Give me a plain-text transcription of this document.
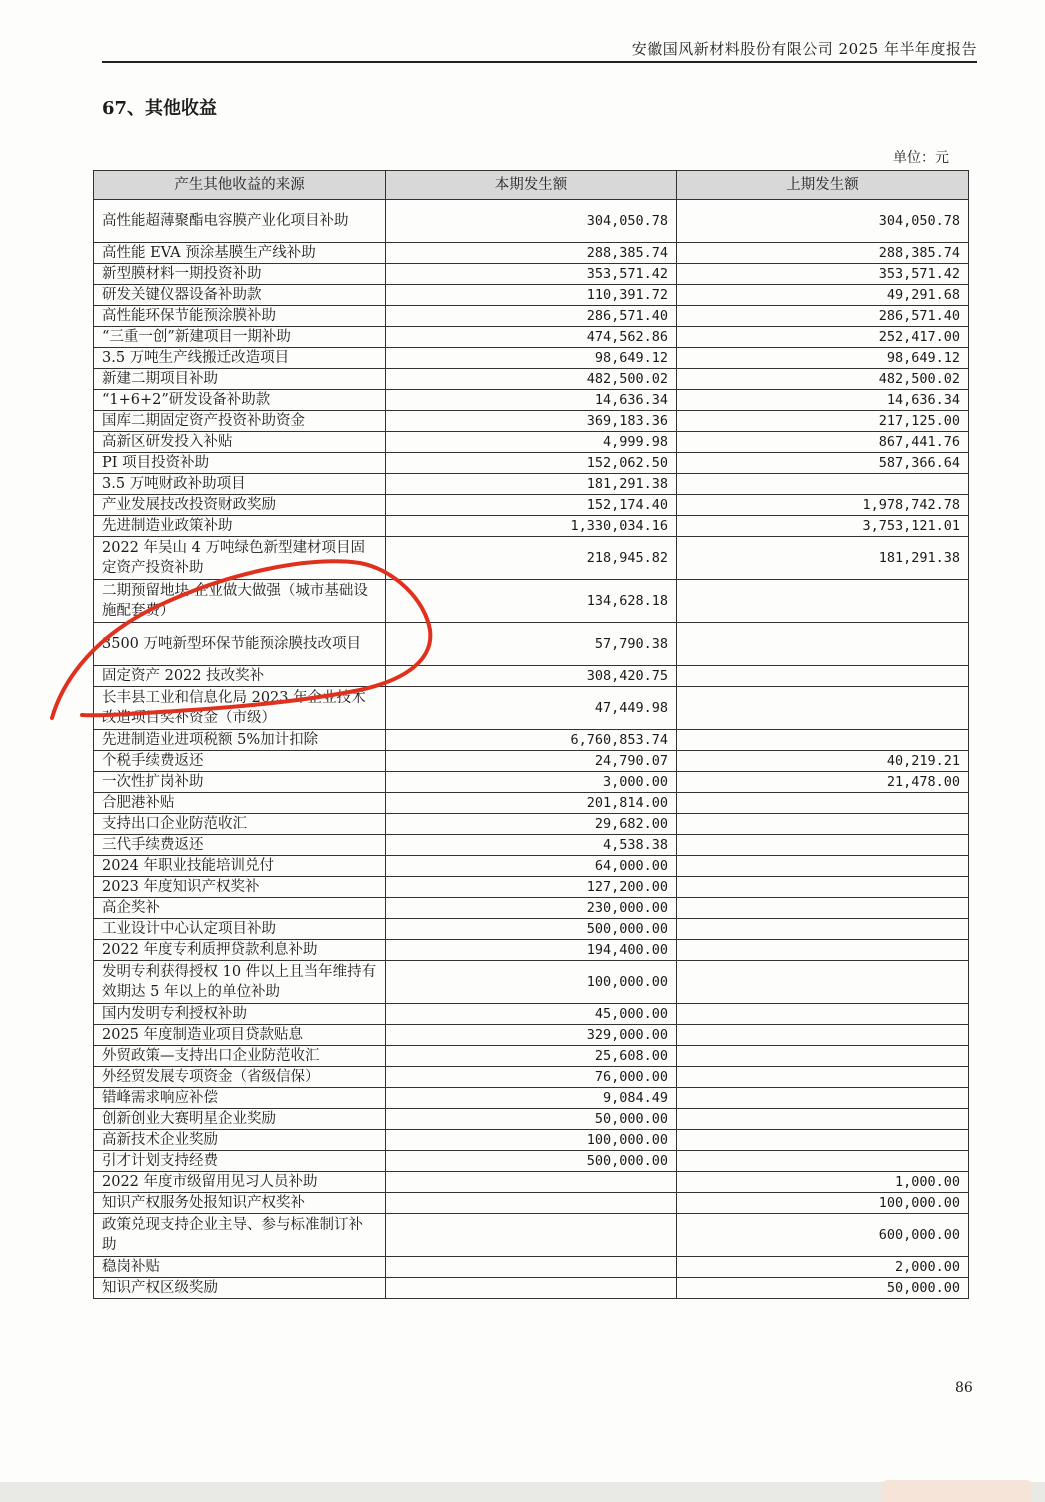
安徽国风新材料股份有限公司 2025 年半年度报告
67、其他收益
单位：元
产生其他收益的来源	本期发生额	上期发生额
高性能超薄聚酯电容膜产业化项目补助	304,050.78	304,050.78
高性能 EVA 预涂基膜生产线补助	288,385.74	288,385.74
新型膜材料一期投资补助	353,571.42	353,571.42
研发关键仪器设备补助款	110,391.72	49,291.68
高性能环保节能预涂膜补助	286,571.40	286,571.40
“三重一创”新建项目一期补助	474,562.86	252,417.00
3.5 万吨生产线搬迁改造项目	98,649.12	98,649.12
新建二期项目补助	482,500.02	482,500.02
“1+6+2”研发设备补助款	14,636.34	14,636.34
国库二期固定资产投资补助资金	369,183.36	217,125.00
高新区研发投入补贴	4,999.98	867,441.76
PI 项目投资补助	152,062.50	587,366.64
3.5 万吨财政补助项目	181,291.38	
产业发展技改投资财政奖励	152,174.40	1,978,742.78
先进制造业政策补助	1,330,034.16	3,753,121.01
2022 年吴山 4 万吨绿色新型建材项目固定资产投资补助	218,945.82	181,291.38
二期预留地块-企业做大做强（城市基础设施配套费）	134,628.18	
3500 万吨新型环保节能预涂膜技改项目	57,790.38	
固定资产 2022 技改奖补	308,420.75	
长丰县工业和信息化局 2023 年企业技术改造项目奖补资金（市级）	47,449.98	
先进制造业进项税额 5%加计扣除	6,760,853.74	
个税手续费返还	24,790.07	40,219.21
一次性扩岗补助	3,000.00	21,478.00
合肥港补贴	201,814.00	
支持出口企业防范收汇	29,682.00	
三代手续费返还	4,538.38	
2024 年职业技能培训兑付	64,000.00	
2023 年度知识产权奖补	127,200.00	
高企奖补	230,000.00	
工业设计中心认定项目补助	500,000.00	
2022 年度专利质押贷款利息补助	194,400.00	
发明专利获得授权 10 件以上且当年维持有效期达 5 年以上的单位补助	100,000.00	
国内发明专利授权补助	45,000.00	
2025 年度制造业项目贷款贴息	329,000.00	
外贸政策—支持出口企业防范收汇	25,608.00	
外经贸发展专项资金（省级信保）	76,000.00	
错峰需求响应补偿	9,084.49	
创新创业大赛明星企业奖励	50,000.00	
高新技术企业奖励	100,000.00	
引才计划支持经费	500,000.00	
2022 年度市级留用见习人员补助		1,000.00
知识产权服务处报知识产权奖补		100,000.00
政策兑现支持企业主导、参与标准制订补助		600,000.00
稳岗补贴		2,000.00
知识产权区级奖励		50,000.00
86
